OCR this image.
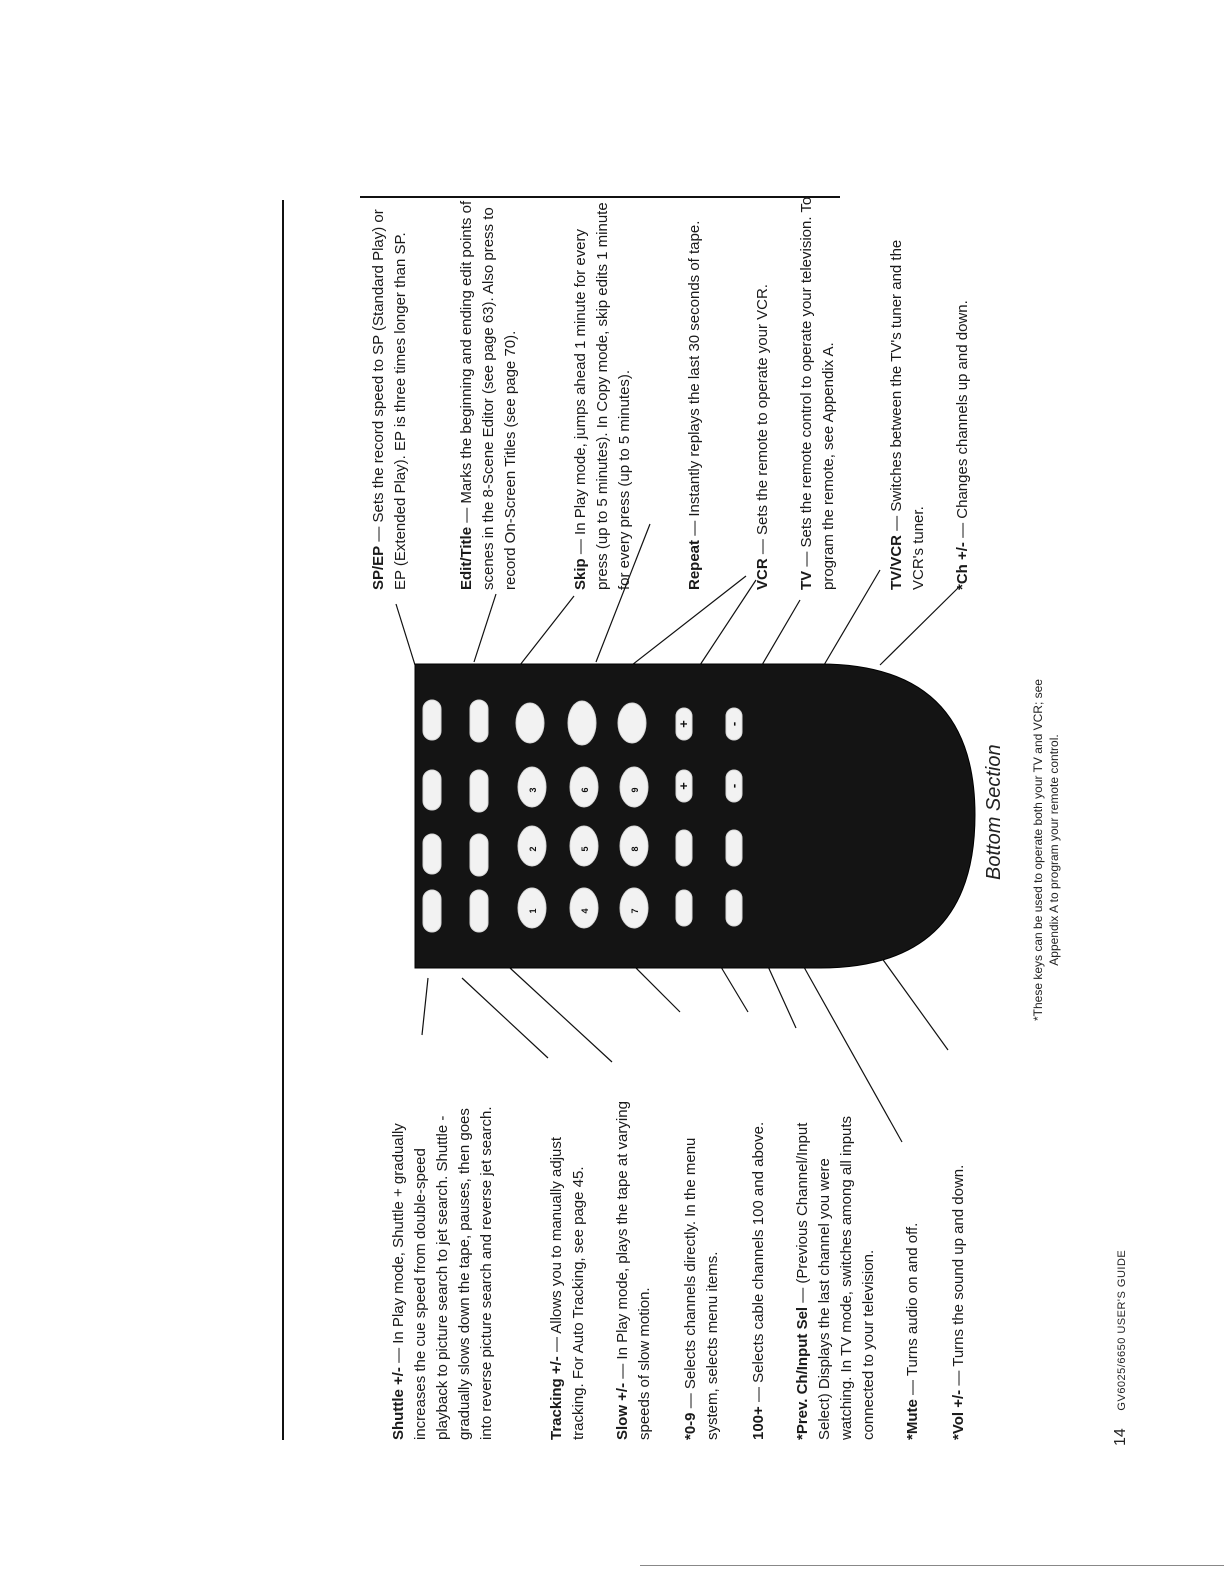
Shuttle +/- — In Play mode, Shuttle + gradually increases the cue speed from double-speed playback to picture search to jet search. Shuttle - gradually slows down the tape, pauses, then goes into reverse picture search and reverse jet search.	Tracking +/- — Allows you to manually adjust tracking. For Auto Tracking, see page 45. Slow +/- — In Play mode, plays the tape at varying speeds of slow motion. *0-9 — Selects channels directly. In the menu system, selects menu items. 100+ — Selects cable channels 100 and above. *Prev. Ch/Input Sel — (Previous Channel/Input Select) Displays the last channel you were watching. In TV mode, switches among all inputs connected to your television. *Mute — Turns audio on and off.

*Vol +/- — Turns the sound up and down.

SP/EP — Sets the record speed to SP (Standard Play) or EP (Extended Play). EP is three times longer than SP.	Edit/Title — Marks the beginning and ending edit points of scenes in the 8-Scene Editor (see page 63). Also press to record On-Screen Titles (see page 70).	Skip — In Play mode, jumps ahead 1 minute for every press (up to 5 minutes). In Copy mode, skip edits 1 minute for every press (up to 5 minutes).	Repeat — Instantly replays the last 30 seconds of tape.

VCR — Sets the remote to operate your VCR.

TV — Sets the remote control to operate your television. To program the remote, see Appendix A.	TV/VCR — Switches between the TV's tuner and the VCR's tuner. *Ch +/- — Changes channels up and down.

1
2
3
4
5
6
7
8
9
+
+
-
-	Bottom Section *These keys can be used to operate both your TV and VCR; see Appendix A to program your remote control.
14 GV6025/6650 USER'S GUIDE
